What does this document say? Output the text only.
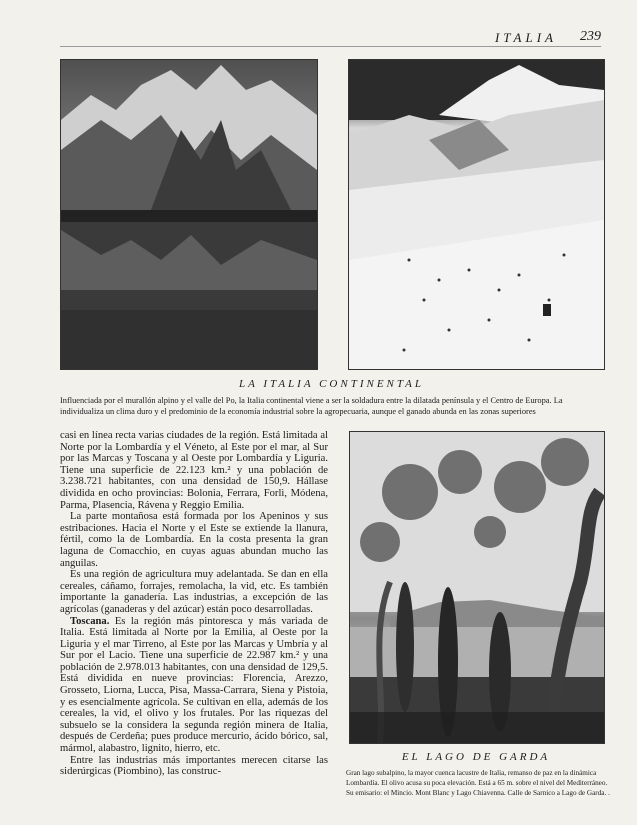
ITALIA 239
LA ITALIA CONTINENTAL
Influenciada por el murallón alpino y el valle del Po, la Italia continental viene a ser la soldadura entre la dilatada península y el Centro de Europa. La individualiza un clima duro y el predominio de la economía industrial sobre la agropecuaria, aunque el ganado abunda en las zonas superiores

casi en línea recta varias ciudades de la región. Está limitada al Norte por la Lombardía y el Véneto, al Este por el mar, al Sur por las Marcas y Toscana y al Oeste por Lombardía y Liguria. Tiene una superficie de 22.123 km.² y una población de 3.238.721 habitantes, con una densidad de 150,9. Hállase dividida en ocho provincias: Bolonia, Ferrara, Forlì, Módena, Parma, Plasencia, Rávena y Reggio Emilia.

La parte montañosa está formada por los Apeninos y sus estribaciones. Hacia el Norte y el Este se extiende la llanura, fértil, como la de Lombardía. En la costa presenta la gran laguna de Comacchio, en cuyas aguas abundan mucho las anguilas.

Es una región de agricultura muy adelantada. Se dan en ella cereales, cáñamo, forrajes, remolacha, la vid, etc. Es también importante la ganadería. Las industrias, a excepción de las agrícolas (ganaderas y del azúcar) están poco desarrolladas.

Toscana. Es la región más pintoresca y más variada de Italia. Está limitada al Norte por la Emilia, al Oeste por la Liguria y el mar Tirreno, al Este por las Marcas y Umbría y al Sur por el Lacio. Tiene una superficie de 22.987 km.² y una población de 2.978.013 habitantes, con una densidad de 129,5. Está dividida en nueve provincias: Florencia, Arezzo, Grosseto, Liorna, Lucca, Pisa, Massa-Carrara, Siena y Pistoia, y es esencialmente agrícola. Se cultivan en ella, además de los cereales, la vid, el olivo y los frutales. Por las riquezas del subsuelo se la considera la segunda región minera de Italia, después de Cerdeña; pues produce mercurio, ácido bórico, sal, mármol, alabastro, lignito, hierro, etc.

Entre las industrias más importantes merecen citarse las siderúrgicas (Piombino), las construc-

EL LAGO DE GARDA
Gran lago subalpino, la mayor cuenca lacustre de Italia, remanso de paz en la dinámica Lombardía. El olivo acusa su poca elevación. Está a 65 m. sobre el nivel del Mediterráneo. Su emisario: el Mincio. Mont Blanc y Lago Chiavenna. Calle de Sarnico a Lago de Garda. .
